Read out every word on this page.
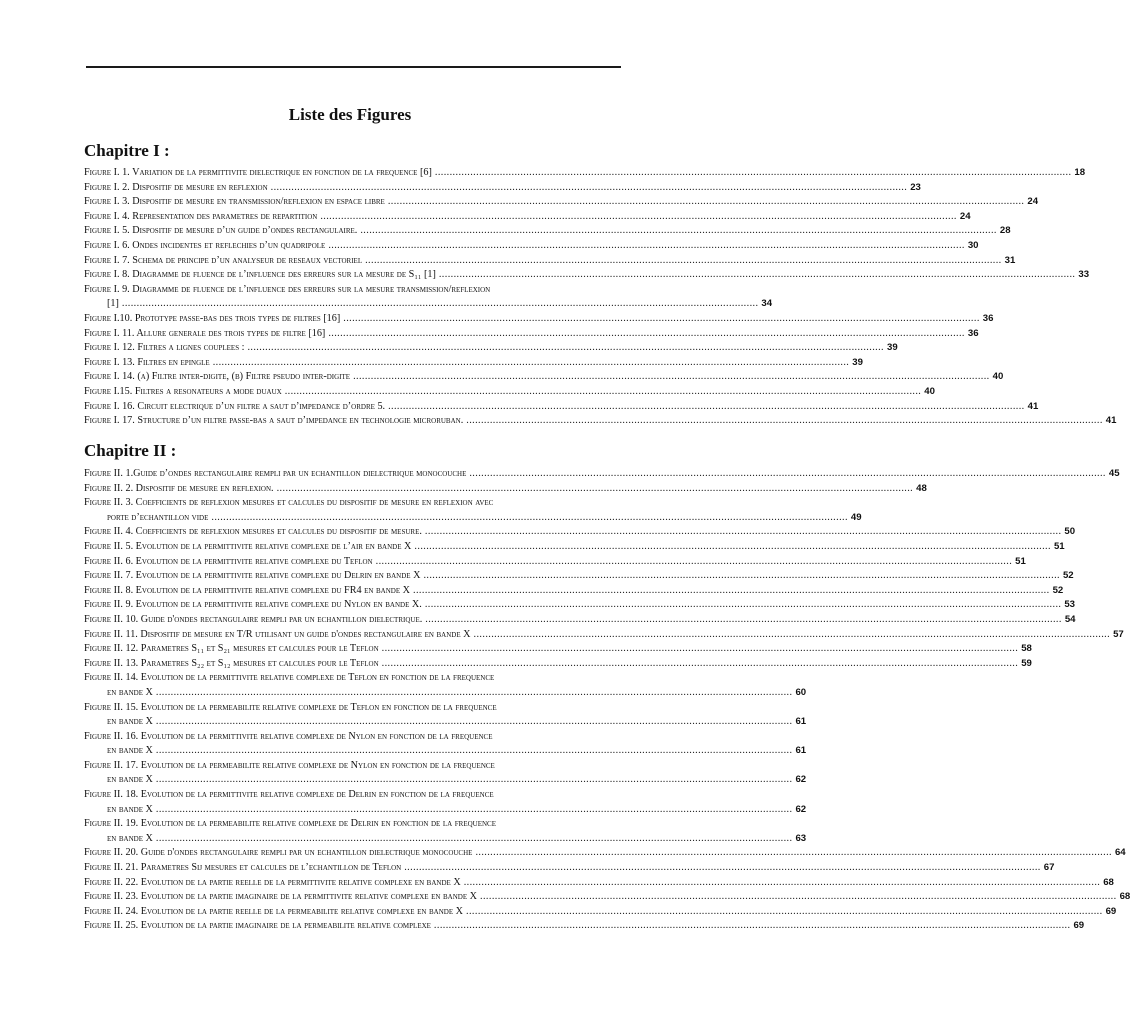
Liste des Figures
Chapitre I :
Figure I. 1. Variation de la permittivite dielectrique en fonction de la frequence [6] .....	18
Figure I. 2. Dispositif de mesure en reflexion .....	23
Figure I. 3. Dispositif de mesure en transmission/reflexion en espace libre .....	24
Figure I. 4. Representation des parametres de repartition .....	24
Figure I. 5. Dispositif de mesure d’un guide d’ondes rectangulaire. .....	28
Figure I. 6. Ondes incidentes et reflechies d’un quadripole .....	30
Figure I. 7. Schema de principe d’un analyseur de reseaux vectoriel .....	31
Figure I. 8. Diagramme de fluence de l’influence des erreurs sur la mesure de S₁₁ [1] .....	33
Figure I. 9. Diagramme de fluence de l’influence des erreurs sur la mesure transmission/reflexion
[1] .....	34
Figure I.10. Prototype passe-bas des trois types de filtres [16] .....	36
Figure I. 11. Allure generale des trois types de filtre [16] .....	36
Figure I. 12. Filtres a lignes couplees : .....	39
Figure I. 13. Filtres en epingle .....	39
Figure I. 14. (a) Filtre inter-digite, (b) Filtre pseudo inter-digite .....	40
Figure I.15. Filtres a resonateurs a mode duaux .....	40
Figure I. 16. Circuit electrique d’un filtre a saut d’impedance d’ordre 5. .....	41
Figure I. 17. Structure d’un filtre passe-bas a saut d’impedance en technologie microruban. .....	41
Chapitre II :
Figure II. 1.Guide d’ondes rectangulaire rempli par un echantillon dielectrique monocouche .....	45
Figure II. 2. Dispositif de mesure en reflexion. .....	48
Figure II. 3. Coefficients de reflexion mesures et calcules du dispositif de mesure en reflexion avec
porte d’echantillon vide .....	49
Figure II. 4. Coefficients de reflexion mesures et calcules du dispositif de mesure. .....	50
Figure II. 5. Evolution de la permittivite relative complexe de l’air en bande X .....	51
Figure II. 6. Evolution de la permittivite relative complexe du Teflon .....	51
Figure II. 7. Evolution de la permittivite relative complexe du Delrin en bande X .....	52
Figure II. 8. Evolution de la permittivite relative complexe du FR4 en bande X .....	52
Figure II. 9. Evolution de la permittivite relative complexe du Nylon en bande X. .....	53
Figure II. 10. Guide d'ondes rectangulaire rempli par un echantillon dielectrique. .....	54
Figure II. 11. Dispositif de mesure en T/R utilisant un guide d'ondes rectangulaire en bande X .....	57
Figure II. 12. Parametres S₁₁ et S₂₁ mesures et calcules pour le Teflon .....	58
Figure II. 13. Parametres S₂₂ et S₁₂ mesures et calcules pour le Teflon .....	59
Figure II. 14. Evolution de la permittivite relative complexe de Teflon en fonction de la frequence
en bande X .....	60
Figure II. 15. Evolution de la permeabilite relative complexe de Teflon en fonction de la frequence
en bande X .....	61
Figure II. 16. Evolution de la permittivite relative complexe de Nylon en fonction de la frequence
en bande X .....	61
Figure II. 17. Evolution de la permeabilite relative complexe de Nylon en fonction de la frequence
en bande X .....	62
Figure II. 18. Evolution de la permittivite relative complexe de Delrin en fonction de la frequence
en bande X .....	62
Figure II. 19. Evolution de la permeabilite relative complexe de Delrin en fonction de la frequence
en bande X .....	63
Figure II. 20. Guide d'ondes rectangulaire rempli par un echantillon dielectrique monocouche .....	64
Figure II. 21. Parametres Sij mesures et calcules de l’echantillon de Teflon .....	67
Figure II. 22. Evolution de la partie reelle de la permittivite relative complexe en bande X .....	68
Figure II. 23. Evolution de la partie imaginaire de la permittivite relative complexe en bande X .....	68
Figure II. 24. Evolution de la partie reelle de la permeabilite relative complexe en bande X .....	69
Figure II. 25. Evolution de la partie imaginaire de la permeabilite relative complexe .....	69
